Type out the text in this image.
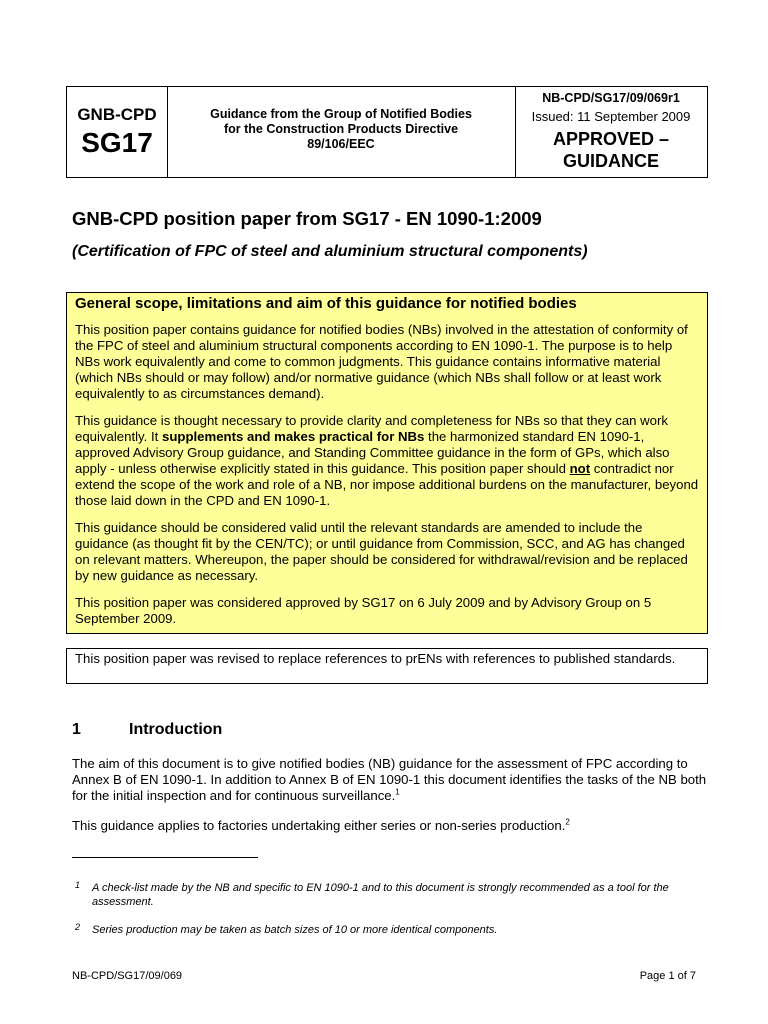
GNB-CPD
SG17
Guidance from the Group of Notified Bodies
for the Construction Products Directive
89/106/EEC
NB-CPD/SG17/09/069r1
Issued: 11 September 2009
APPROVED –
GUIDANCE
GNB-CPD position paper from SG17 - EN 1090-1:2009
(Certification of FPC of steel and aluminium structural components)
General scope, limitations and aim of this guidance for notified bodies

This position paper contains guidance for notified bodies (NBs) involved in the attestation of conformity of the FPC of steel and aluminium structural components according to EN 1090-1. The purpose is to help NBs work equivalently and come to common judgments. This guidance contains informative material (which NBs should or may follow) and/or normative guidance (which NBs shall follow or at least work equivalently to as circumstances demand).

This guidance is thought necessary to provide clarity and completeness for NBs so that they can work equivalently. It supplements and makes practical for NBs the harmonized standard EN 1090-1, approved Advisory Group guidance, and Standing Committee guidance in the form of GPs, which also apply - unless otherwise explicitly stated in this guidance. This position paper should not contradict nor extend the scope of the work and role of a NB, nor impose additional burdens on the manufacturer, beyond those laid down in the CPD and EN 1090-1.

This guidance should be considered valid until the relevant standards are amended to include the guidance (as thought fit by the CEN/TC); or until guidance from Commission, SCC, and AG has changed on relevant matters. Whereupon, the paper should be considered for withdrawal/revision and be replaced by new guidance as necessary.

This position paper was considered approved by SG17 on 6 July 2009 and by Advisory Group on 5 September 2009.

This position paper was revised to replace references to prENs with references to published standards.
1	Introduction
The aim of this document is to give notified bodies (NB) guidance for the assessment of FPC according to Annex B of EN 1090-1. In addition to Annex B of EN 1090-1 this document identifies the tasks of the NB both for the initial inspection and for continuous surveillance.$^1$
This guidance applies to factories undertaking either series or non-series production.$^2$
1 A check-list made by the NB and specific to EN 1090-1 and to this document is strongly recommended as a tool for the assessment.
2 Series production may be taken as batch sizes of 10 or more identical components.
NB-CPD/SG17/09/069	Page 1 of 7
